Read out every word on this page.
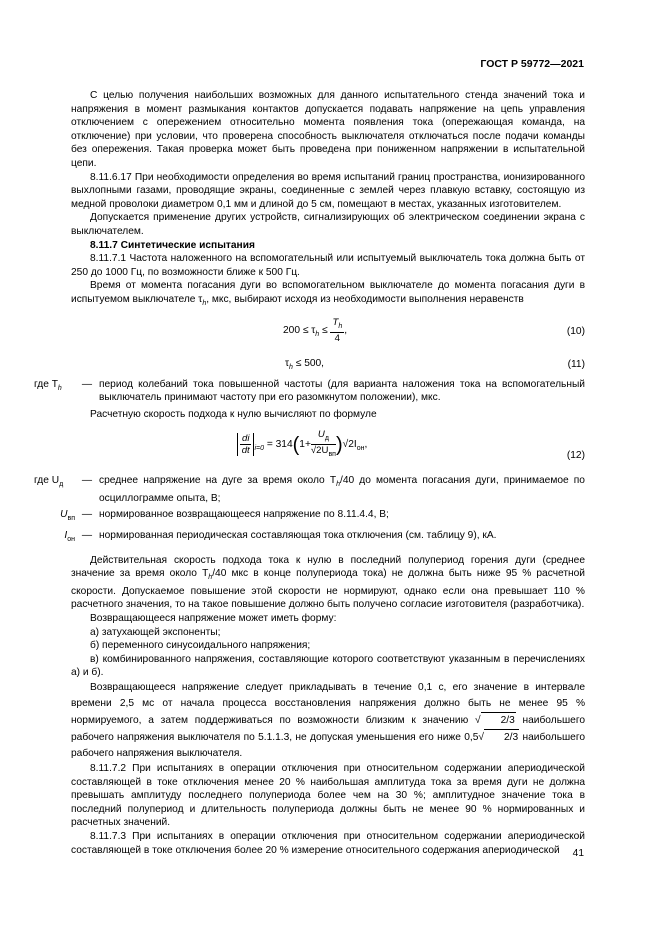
ГОСТ Р 59772—2021

С целью получения наибольших возможных для данного испытательного стенда значений тока и напряжения в момент размыкания контактов допускается подавать напряжение на цепь управления отключением с опережением относительно момента появления тока (опережающая команда, на отключение) при условии, что проверена способность выключателя отключаться после подачи команды без опережения. Такая проверка может быть проведена при пониженном напряжении в испытательной цепи.

8.11.6.17 При необходимости определения во время испытаний границ пространства, ионизированного выхлопными газами, проводящие экраны, соединенные с землей через плавкую вставку, состоящую из медной проволоки диаметром 0,1 мм и длиной до 5 см, помещают в местах, указанных изготовителем.

Допускается применение других устройств, сигнализирующих об электрическом соединении экрана с выключателем.

8.11.7 Синтетические испытания

8.11.7.1 Частота наложенного на вспомогательный или испытуемый выключатель тока должна быть от 250 до 1000 Гц, по возможности ближе к 500 Гц.

Время от момента погасания дуги во вспомогательном выключателе до момента погасания дуги в испытуемом выключателе $\tau_h$, мкс, выбирают исходя из необходимости выполнения неравенств

$200 \le \tau_h \le \frac{T_h}{4}$ ,	(10)
$\tau_h \le 500$,	(11)
где $T_h$	— период колебаний тока повышенной частоты (для варианта наложения тока на вспомогательный выключатель принимают частоту при его разомкнутом положении), мкс.

Расчетную скорость подхода к нулю вычисляют по формуле

$\frac{di}{dt} _{i=0} = 314(1+ \frac{U_д}{√2U_{вп}} )√2I_{он}$,
(12)
где $U_д$	— среднее напряжение на дуге за время около $T_h/40$ до момента погасания дуги, принимаемое по осциллограмме опыта, В;
$U_{вп}$ — нормированное возвращающееся напряжение по 8.11.4.4, В;
$I_{он}$ — нормированная периодическая составляющая тока отключения (см. таблицу 9), кА.

Действительная скорость подхода тока к нулю в последний полупериод горения дуги (среднее значение за время около $T_h/40$ мкс в конце полупериода тока) не должна быть ниже 95 % расчетной скорости. Допускаемое повышение этой скорости не нормируют, однако если она превышает 110 % расчетного значения, то на такое повышение должно быть получено согласие изготовителя (разработчика).

Возвращающееся напряжение может иметь форму:

а) затухающей экспоненты;

б) переменного синусоидального напряжения;

в) комбинированного напряжения, составляющие которого соответствуют указанным в перечислениях а) и б).

Возвращающееся напряжение следует прикладывать в течение 0,1 с, его значение в интервале времени 2,5 мс от начала процесса восстановления напряжения должно быть не менее 95 % нормируемого, а затем поддерживаться по возможности близким к значению √ 2/3 наибольшего рабочего напряжения выключателя по 5.1.1.3, не допуская уменьшения его ниже 0,5√ 2/3 наибольшего рабочего напряжения выключателя.

8.11.7.2 При испытаниях в операции отключения при относительном содержании апериодической составляющей в токе отключения менее 20 % наибольшая амплитуда тока за время дуги не должна превышать амплитуду последнего полупериода более чем на 30 %; амплитудное значение тока в последний полупериод и длительность полупериода должны быть не менее 90 % нормированных и расчетных значений.

8.11.7.3 При испытаниях в операции отключения при относительном содержании апериодической составляющей в токе отключения более 20 % измерение относительного содержания апериодической	41
